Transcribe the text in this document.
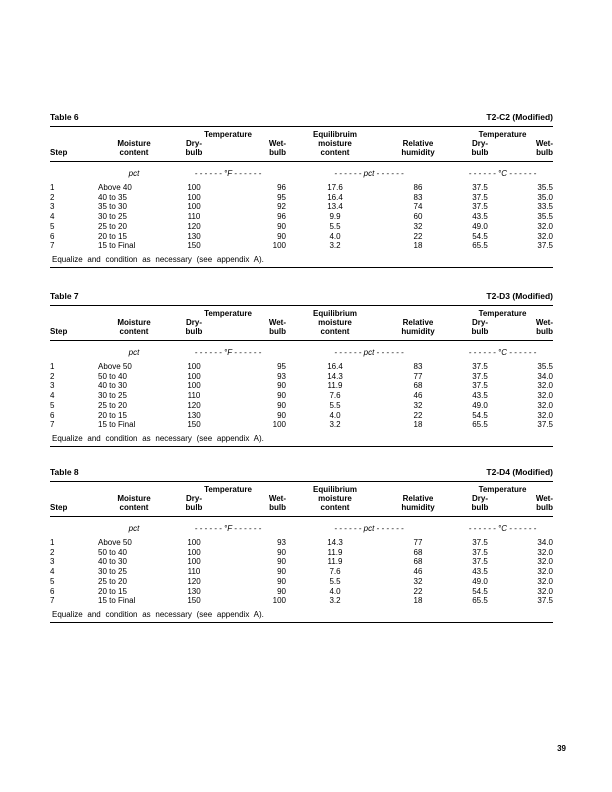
Table 6	T2-C2 (Modified)
		Temperature		Equilibruim		Temperature	
	Moisture	Dry-	Wet-	moisture	Relative	Dry-	Wet-
Step	content	bulb	bulb	content	humidity	bulb	bulb
	pct	- - - - - - °F - - - - - -		- - - - - - pct - - - - - -		- - - - - - °C - - - - - -	
1	Above 40	100	96	17.6	86	37.5	35.5
2	40 to 35	100	95	16.4	83	37.5	35.0
3	35 to 30	100	92	13.4	74	37.5	33.5
4	30 to 25	110	96	9.9	60	43.5	35.5
5	25 to 20	120	90	5.5	32	49.0	32.0
6	20 to 15	130	90	4.0	22	54.5	32.0
7	15 to Final	150	100	3.2	18	65.5	37.5
Equalize and condition as necessary (see appendix A).							
Table 7	T2-D3 (Modified)
		Temperature		Equilibrium		Temperature	
	Moisture	Dry-	Wet-	moisture	Relative	Dry-	Wet-
Step	content	bulb	bulb	content	humidity	bulb	bulb
	pct	- - - - - - °F - - - - - -		- - - - - - pct - - - - - -		- - - - - - °C - - - - - -	
1	Above 50	100	95	16.4	83	37.5	35.5
2	50 to 40	100	93	14.3	77	37.5	34.0
3	40 to 30	100	90	11.9	68	37.5	32.0
4	30 to 25	110	90	7.6	46	43.5	32.0
5	25 to 20	120	90	5.5	32	49.0	32.0
6	20 to 15	130	90	4.0	22	54.5	32.0
7	15 to Final	150	100	3.2	18	65.5	37.5
Equalize and condition as necessary (see appendix A).							
Table 8	T2-D4 (Modified)
		Temperature		Equilibrium		Temperature	
	Moisture	Dry-	Wet-	moisture	Relative	Dry-	Wet-
Step	content	bulb	bulb	content	humidity	bulb	bulb
	pct	- - - - - - °F - - - - - -		- - - - - - pct - - - - - -		- - - - - - °C - - - - - -	
1	Above 50	100	93	14.3	77	37.5	34.0
2	50 to 40	100	90	11.9	68	37.5	32.0
3	40 to 30	100	90	11.9	68	37.5	32.0
4	30 to 25	110	90	7.6	46	43.5	32.0
5	25 to 20	120	90	5.5	32	49.0	32.0
6	20 to 15	130	90	4.0	22	54.5	32.0
7	15 to Final	150	100	3.2	18	65.5	37.5
Equalize and condition as necessary (see appendix A).							
39
